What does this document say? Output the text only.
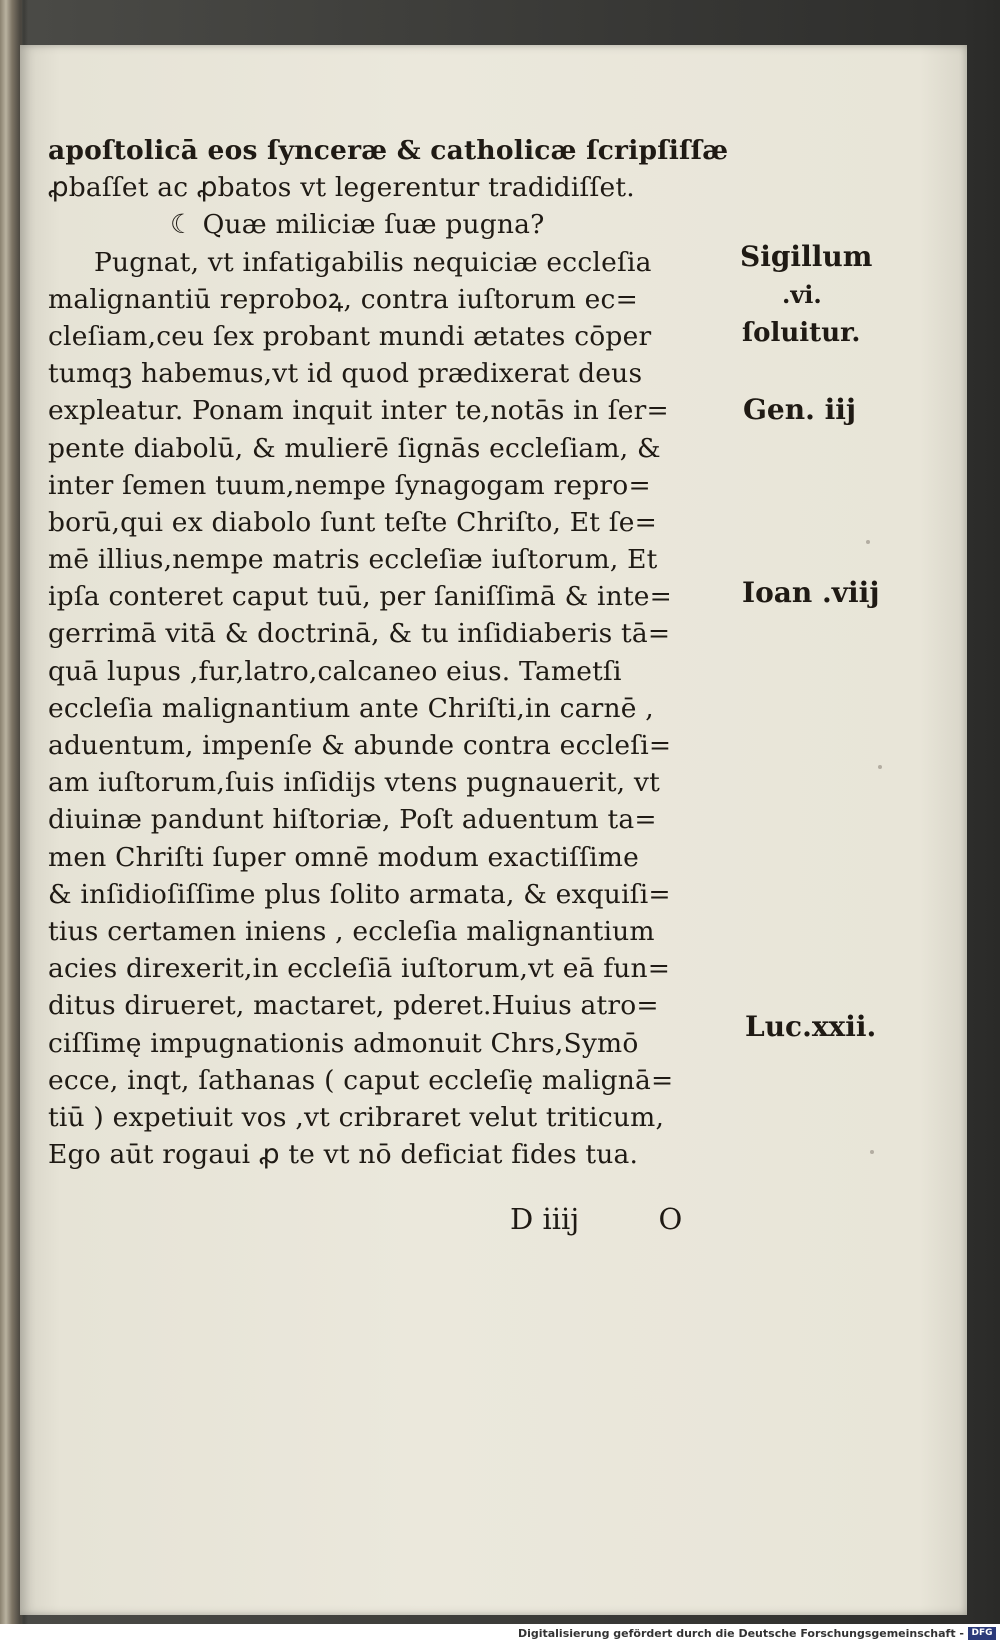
apoſtolicā eos ſynceræ & catholicæ ſcripſiſſæ
ꝓbaſſet ac ꝓbatos vt legerentur tradidiſſet.
☾ Quæ miliciæ ſuæ pugna?
Pugnat, vt infatigabilis nequiciæ eccleſia
malignantiū reproboꝝ, contra iuſtorum ec=
cleſiam,ceu ſex probant mundi ætates cōper
tumqꝫ habemus,vt id quod prædixerat deus
expleatur. Ponam inquit inter te,notās in ſer=
pente diabolū, & mulierē ſignās eccleſiam, &
inter ſemen tuum,nempe ſynagogam repro=
borū,qui ex diabolo ſunt teſte Chriſto, Et ſe=
mē illius,nempe matris eccleſiæ iuſtorum, Et
ipſa conteret caput tuū, per ſaniſſimā & inte=
gerrimā vitā & doctrinā, & tu inſidiaberis tā=
quā lupus ,fur,latro,calcaneo eius. Tametſi
eccleſia malignantium ante Chriſti,in carnē ,
aduentum, impenſe & abunde contra eccleſi=
am iuſtorum,ſuis inſidijs vtens pugnauerit, vt
diuinæ pandunt hiſtoriæ, Poſt aduentum ta=
men Chriſti ſuper omnē modum exactiſſime
& inſidioſiſſime plus ſolito armata, & exquiſi=
tius certamen iniens , eccleſia malignantium
acies direxerit,in eccleſiā iuſtorum,vt eā fun=
ditus dirueret, mactaret, pderet.Huius atro=
ciſſimę impugnationis admonuit Chrs,Symō
ecce, inqt, ſathanas ( caput eccleſię malignā=
tiū ) expetiuit vos ,vt cribraret velut triticum,
Ego aūt rogaui ꝓ te vt nō deficiat fides tua.
D iiij	O
Sigillum
.vi.
ſoluitur.
Gen. iij
Ioan .viij
Luc.xxii.
Digitalisierung gefördert durch die Deutsche Forschungsgemeinschaft - DFG
